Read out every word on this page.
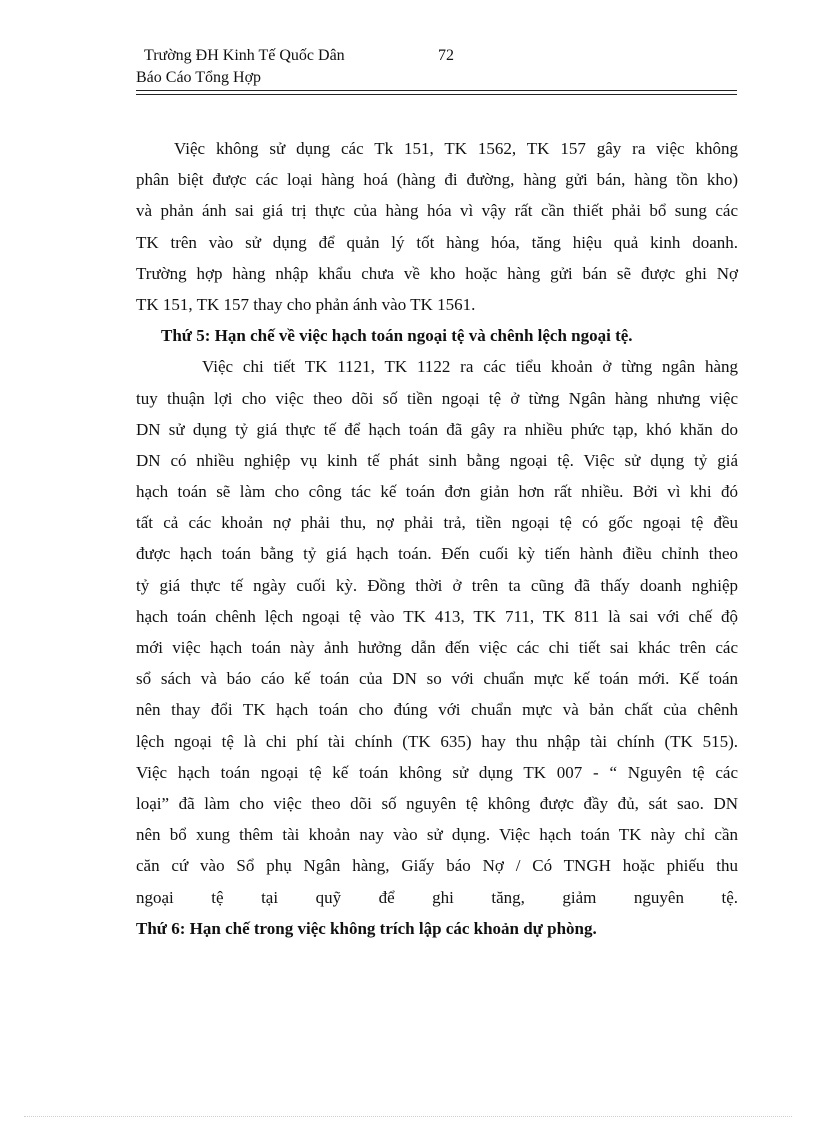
Trường ĐH Kinh Tế Quốc Dân	72
Báo Cáo Tổng Hợp
Việc không sử dụng các Tk 151, TK 1562, TK 157 gây ra việc không
phân biệt được các loại hàng hoá (hàng đi đường, hàng gửi bán, hàng tồn kho)
và phản ánh sai giá trị thực của hàng hóa vì vậy rất cần thiết phải bổ sung các
TK trên vào sử dụng để quản lý tốt hàng hóa, tăng hiệu quả kinh doanh.
Trường hợp hàng nhập khẩu chưa về kho hoặc hàng gửi bán sẽ được ghi Nợ
TK 151, TK 157 thay cho phản ánh vào TK 1561.
Thứ 5: Hạn chế về việc hạch toán ngoại tệ và chênh lệch ngoại tệ.
Việc chi tiết TK 1121, TK 1122 ra các tiểu khoản ở từng ngân hàng
tuy thuận lợi cho việc theo dõi số tiền ngoại tệ ở từng Ngân hàng nhưng việc
DN sử dụng tỷ giá thực tế để hạch toán đã gây ra nhiều phức tạp, khó khăn do
DN có nhiều nghiệp vụ kinh tế phát sinh bằng ngoại tệ. Việc sử dụng tỷ giá
hạch toán sẽ làm cho công tác kế toán đơn giản hơn rất nhiều. Bởi vì khi đó
tất cả các khoản nợ phải thu, nợ phải trả, tiền ngoại tệ có gốc ngoại tệ đều
được hạch toán bằng tỷ giá hạch toán. Đến cuối kỳ tiến hành điều chỉnh theo
tỷ giá thực tế ngày cuối kỳ. Đồng thời ở trên ta cũng đã thấy doanh nghiệp
hạch toán chênh lệch ngoại tệ vào TK 413, TK 711, TK 811 là sai với chế độ
mới việc hạch toán này ảnh hưởng dẫn đến việc các chi tiết sai khác trên các
sổ sách và báo cáo kế toán của DN so với chuẩn mực kế toán mới. Kế toán
nên thay đổi TK hạch toán cho đúng với chuẩn mực và bản chất của chênh
lệch ngoại tệ là chi phí tài chính (TK 635) hay thu nhập tài chính (TK 515).
Việc hạch toán ngoại tệ kế toán không sử dụng TK 007 - “ Nguyên tệ các
loại” đã làm cho việc theo dõi số nguyên tệ không được đầy đủ, sát sao. DN
nên bổ xung thêm tài khoản nay vào sử dụng. Việc hạch toán TK này chỉ cần
căn cứ vào Sổ phụ Ngân hàng, Giấy báo Nợ / Có TNGH hoặc phiếu thu
ngoại tệ tại quỹ để ghi tăng, giảm nguyên tệ.
Thứ 6: Hạn chế trong việc không trích lập các khoản dự phòng.
